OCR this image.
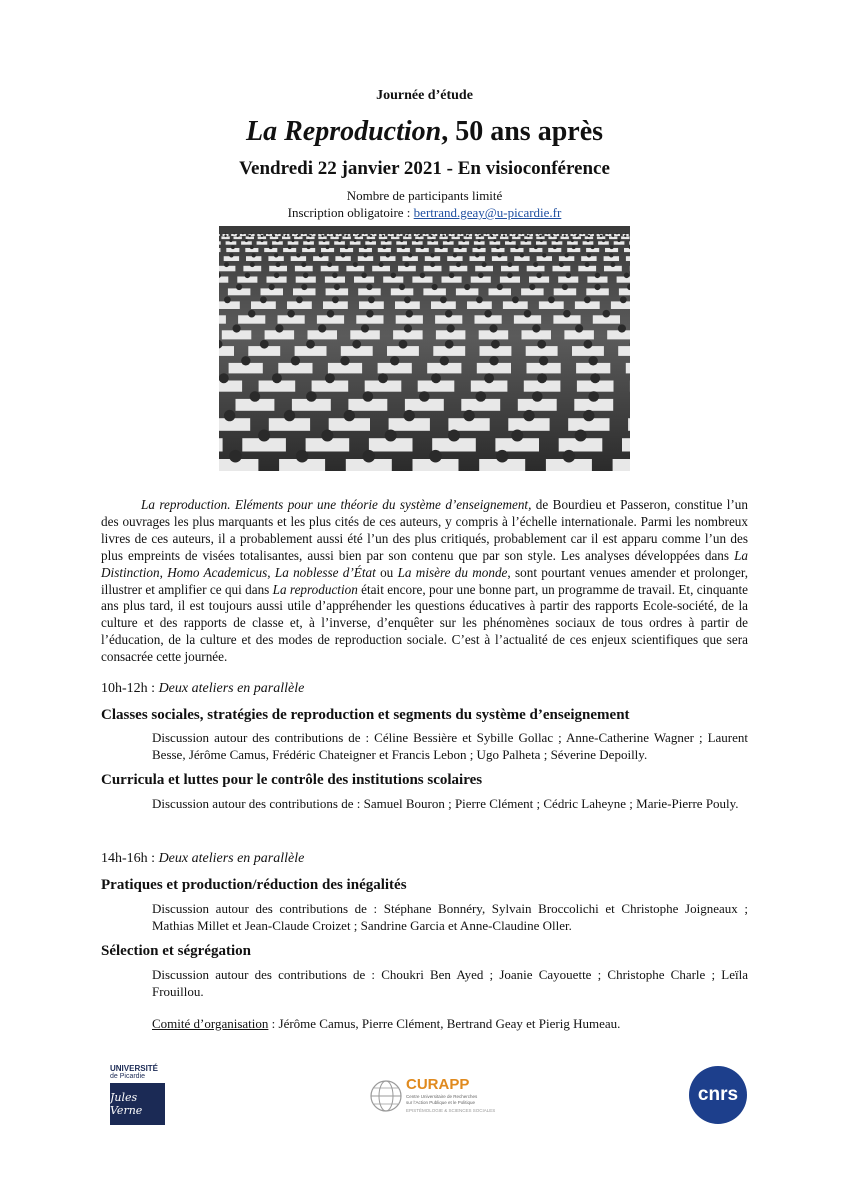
Journée d’étude
La Reproduction, 50 ans après
Vendredi 22 janvier 2021 - En visioconférence
Nombre de participants limité
Inscription obligatoire : bertrand.geay@u-picardie.fr

La reproduction. Eléments pour une théorie du système d’enseignement, de Bourdieu et Passeron, constitue l’un des ouvrages les plus marquants et les plus cités de ces auteurs, y compris à l’échelle internationale. Parmi les nombreux livres de ces auteurs, il a probablement aussi été l’un des plus critiqués, probablement car il est apparu comme l’un des plus empreints de visées totalisantes, aussi bien par son contenu que par son style. Les analyses développées dans La Distinction, Homo Academicus, La noblesse d’État ou La misère du monde, sont pourtant venues amender et prolonger, illustrer et amplifier ce qui dans La reproduction était encore, pour une bonne part, un programme de travail. Et, cinquante ans plus tard, il est toujours aussi utile d’appréhender les questions éducatives à partir des rapports Ecole-société, de la culture et des rapports de classe et, à l’inverse, d’enquêter sur les phénomènes sociaux de tous ordres à partir de l’éducation, de la culture et des modes de reproduction sociale. C’est à l’actualité de ces enjeux scientifiques que sera consacrée cette journée.

10h-12h : Deux ateliers en parallèle
Classes sociales, stratégies de reproduction et segments du système d’enseignement

Discussion autour des contributions de : Céline Bessière et Sybille Gollac ; Anne-Catherine Wagner ; Laurent Besse, Jérôme Camus, Frédéric Chateigner et Francis Lebon ; Ugo Palheta ; Séverine Depoilly.

Curricula et luttes pour le contrôle des institutions scolaires

Discussion autour des contributions de : Samuel Bouron ; Pierre Clément ; Cédric Laheyne ; Marie-Pierre Pouly.

14h-16h : Deux ateliers en parallèle
Pratiques et production/réduction des inégalités

Discussion autour des contributions de : Stéphane Bonnéry, Sylvain Broccolichi et Christophe Joigneaux ; Mathias Millet et Jean-Claude Croizet ; Sandrine Garcia et Anne-Claudine Oller.

Sélection et ségrégation

Discussion autour des contributions de : Choukri Ben Ayed ; Joanie Cayouette ; Christophe Charle ; Leïla Frouillou.

Comité d’organisation : Jérôme Camus, Pierre Clément, Bertrand Geay et Pierig Humeau.
UNIVERSITÉ
de Picardie
Jules Verne
CURAPP
Centre Universitaire de Recherches
sur l’Action Publique et le Politique
EPISTÉMOLOGIE & SCIENCES SOCIALES
cnrs
